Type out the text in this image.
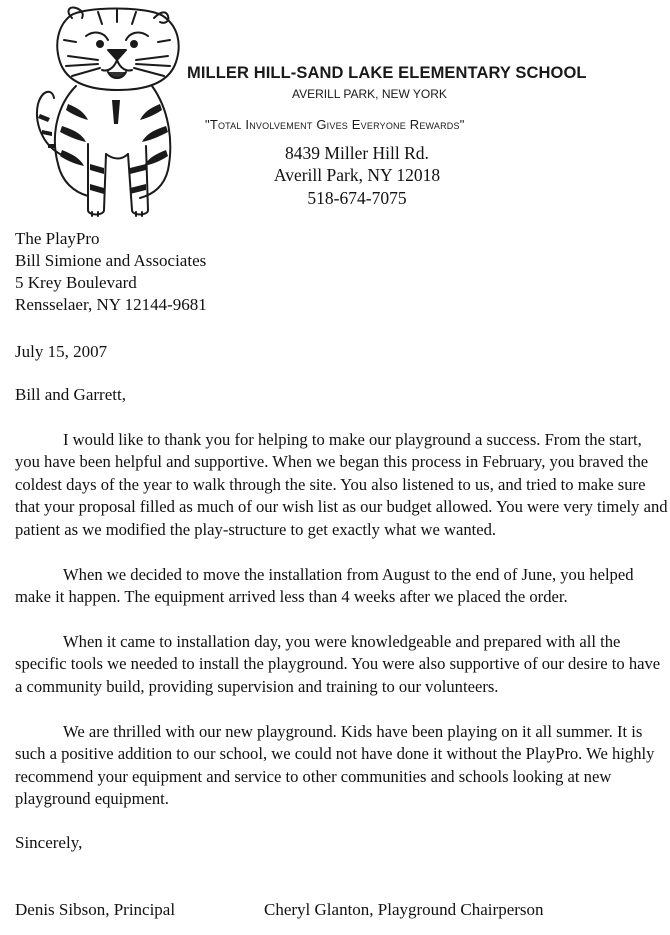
MILLER HILL-SAND LAKE ELEMENTARY SCHOOL
AVERILL PARK, NEW YORK
"Total Involvement Gives Everyone Rewards"
8439 Miller Hill Rd.
Averill Park, NY 12018
518-674-7075
The PlayPro
Bill Simione and Associates
5 Krey Boulevard
Rensselaer, NY 12144-9681
July 15, 2007
Bill and Garrett,
I would like to thank you for helping to make our playground a success. From the start, you have been helpful and supportive. When we began this process in February, you braved the coldest days of the year to walk through the site. You also listened to us, and tried to make sure that your proposal filled as much of our wish list as our budget allowed. You were very timely and patient as we modified the play-structure to get exactly what we wanted.
When we decided to move the installation from August to the end of June, you helped make it happen. The equipment arrived less than 4 weeks after we placed the order.
When it came to installation day, you were knowledgeable and prepared with all the specific tools we needed to install the playground. You were also supportive of our desire to have a community build, providing supervision and training to our volunteers.
We are thrilled with our new playground. Kids have been playing on it all summer. It is such a positive addition to our school, we could not have done it without the PlayPro. We highly recommend your equipment and service to other communities and schools looking at new playground equipment.
Sincerely,
Denis Sibson, Principal	Cheryl Glanton, Playground Chairperson
